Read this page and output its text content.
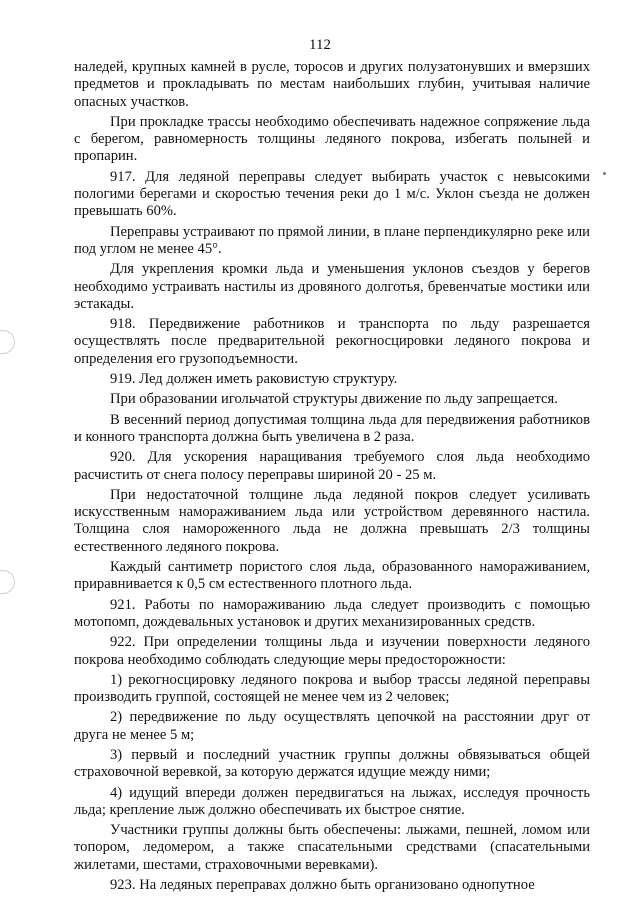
112

наледей, крупных камней в русле, торосов и других полузатонувших и вмерзших предметов и прокладывать по местам наибольших глубин, учитывая наличие опасных участков.

При прокладке трассы необходимо обеспечивать надежное сопряжение льда с берегом, равномерность толщины ледяного покрова, избегать полыней и пропарин.

917. Для ледяной переправы следует выбирать участок с невысокими пологими берегами и скоростью течения реки до 1 м/с. Уклон съезда не должен превышать 60%.

Переправы устраивают по прямой линии, в плане перпендикулярно реке или под углом не менее 45°.

Для укрепления кромки льда и уменьшения уклонов съездов у берегов необходимо устраивать настилы из дровяного долготья, бревенчатые мостики или эстакады.

918. Передвижение работников и транспорта по льду разрешается осуществлять после предварительной рекогносцировки ледяного покрова и определения его грузоподъемности.

919. Лед должен иметь раковистую структуру.

При образовании игольчатой структуры движение по льду запрещается.

В весенний период допустимая толщина льда для передвижения работников и конного транспорта должна быть увеличена в 2 раза.

920. Для ускорения наращивания требуемого слоя льда необходимо расчистить от снега полосу переправы шириной 20 - 25 м.

При недостаточной толщине льда ледяной покров следует усиливать искусственным намораживанием льда или устройством деревянного настила. Толщина слоя намороженного льда не должна превышать 2/3 толщины естественного ледяного покрова.

Каждый сантиметр пористого слоя льда, образованного намораживанием, приравнивается к 0,5 см естественного плотного льда.

921. Работы по намораживанию льда следует производить с помощью мотопомп, дождевальных установок и других механизированных средств.

922. При определении толщины льда и изучении поверхности ледяного покрова необходимо соблюдать следующие меры предосторожности:

1) рекогносцировку ледяного покрова и выбор трассы ледяной переправы производить группой, состоящей не менее чем из 2 человек;

2) передвижение по льду осуществлять цепочкой на расстоянии друг от друга не менее 5 м;

3) первый и последний участник группы должны обвязываться общей страховочной веревкой, за которую держатся идущие между ними;

4) идущий впереди должен передвигаться на лыжах, исследуя прочность льда; крепление лыж должно обеспечивать их быстрое снятие.

Участники группы должны быть обеспечены: лыжами, пешней, ломом или топором, ледомером, а также спасательными средствами (спасательными жилетами, шестами, страховочными веревками).

923. На ледяных переправах должно быть организовано однопутное
